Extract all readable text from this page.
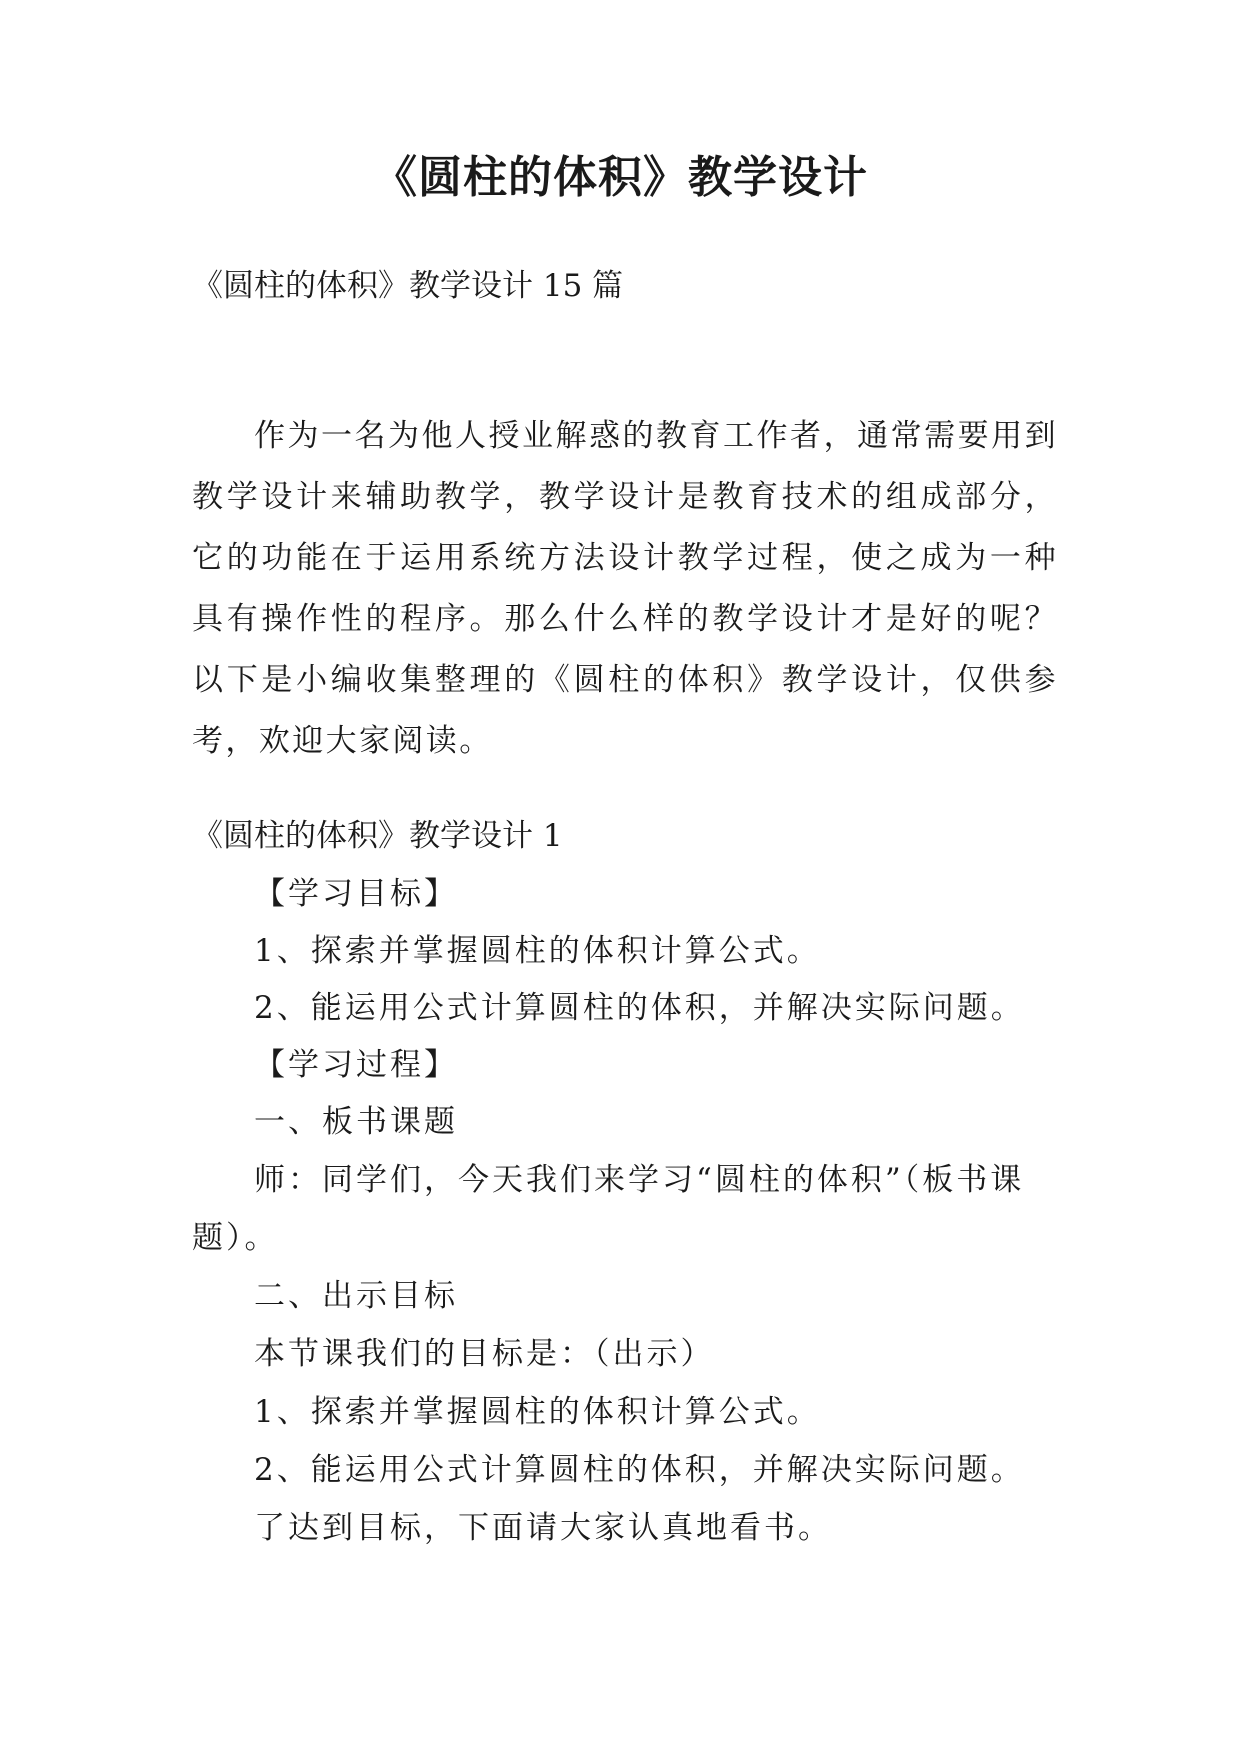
《圆柱的体积》教学设计
《圆柱的体积》教学设计 15 篇
作为一名为他人授业解惑的教育工作者，通常需要用到教学设计来辅助教学，教学设计是教育技术的组成部分，它的功能在于运用系统方法设计教学过程，使之成为一种具有操作性的程序。那么什么样的教学设计才是好的呢？以下是小编收集整理的《圆柱的体积》教学设计，仅供参考，欢迎大家阅读。
《圆柱的体积》教学设计 1
【学习目标】
1、探索并掌握圆柱的体积计算公式。
2、能运用公式计算圆柱的体积，并解决实际问题。
【学习过程】
一、板书课题
师：同学们，今天我们来学习“圆柱的体积”（板书课
题）。
二、出示目标
本节课我们的目标是：（出示）
1、探索并掌握圆柱的体积计算公式。
2、能运用公式计算圆柱的体积，并解决实际问题。
了达到目标，下面请大家认真地看书。
